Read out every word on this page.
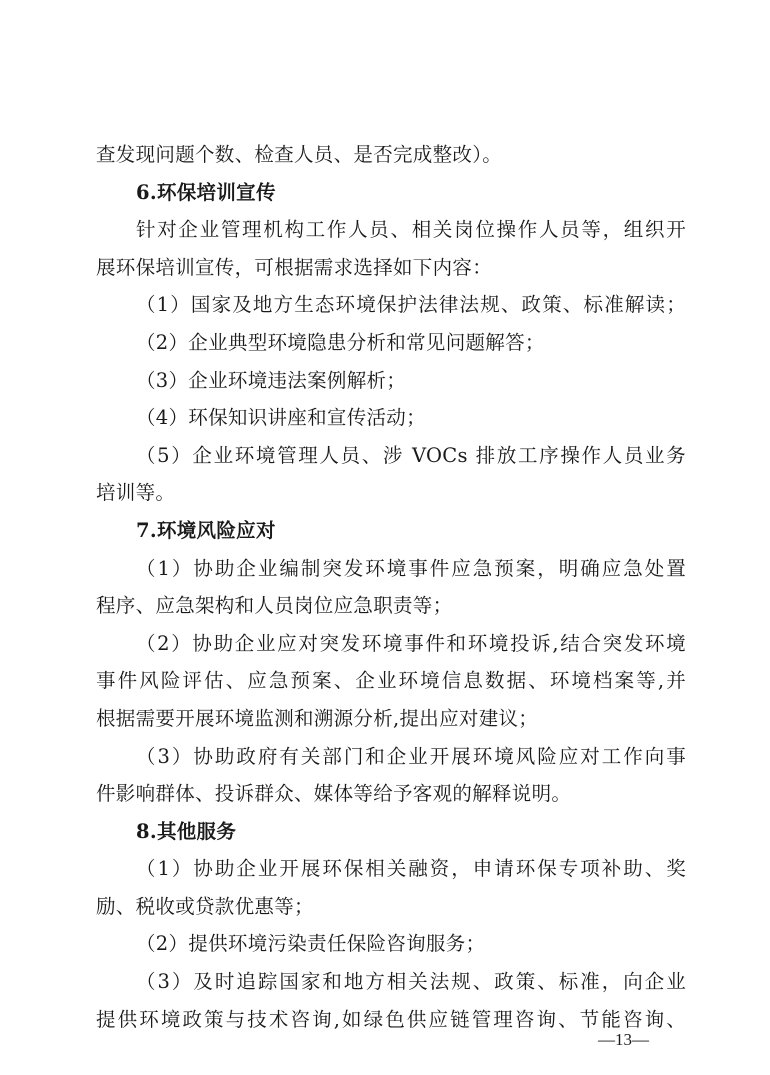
查发现问题个数、检查人员、是否完成整改）。
6.环保培训宣传
针对企业管理机构工作人员、相关岗位操作人员等，组织开
展环保培训宣传，可根据需求选择如下内容：
（1）国家及地方生态环境保护法律法规、政策、标准解读；
（2）企业典型环境隐患分析和常见问题解答；
（3）企业环境违法案例解析；
（4）环保知识讲座和宣传活动；
（5）企业环境管理人员、涉 VOCs 排放工序操作人员业务
培训等。
7.环境风险应对
（1）协助企业编制突发环境事件应急预案，明确应急处置
程序、应急架构和人员岗位应急职责等；
（2）协助企业应对突发环境事件和环境投诉,结合突发环境
事件风险评估、应急预案、企业环境信息数据、环境档案等,并
根据需要开展环境监测和溯源分析,提出应对建议；
（3）协助政府有关部门和企业开展环境风险应对工作向事
件影响群体、投诉群众、媒体等给予客观的解释说明。
8.其他服务
（1）协助企业开展环保相关融资，申请环保专项补助、奖
励、税收或贷款优惠等；
（2）提供环境污染责任保险咨询服务；
（3）及时追踪国家和地方相关法规、政策、标准，向企业
提供环境政策与技术咨询,如绿色供应链管理咨询、节能咨询、
—13—
